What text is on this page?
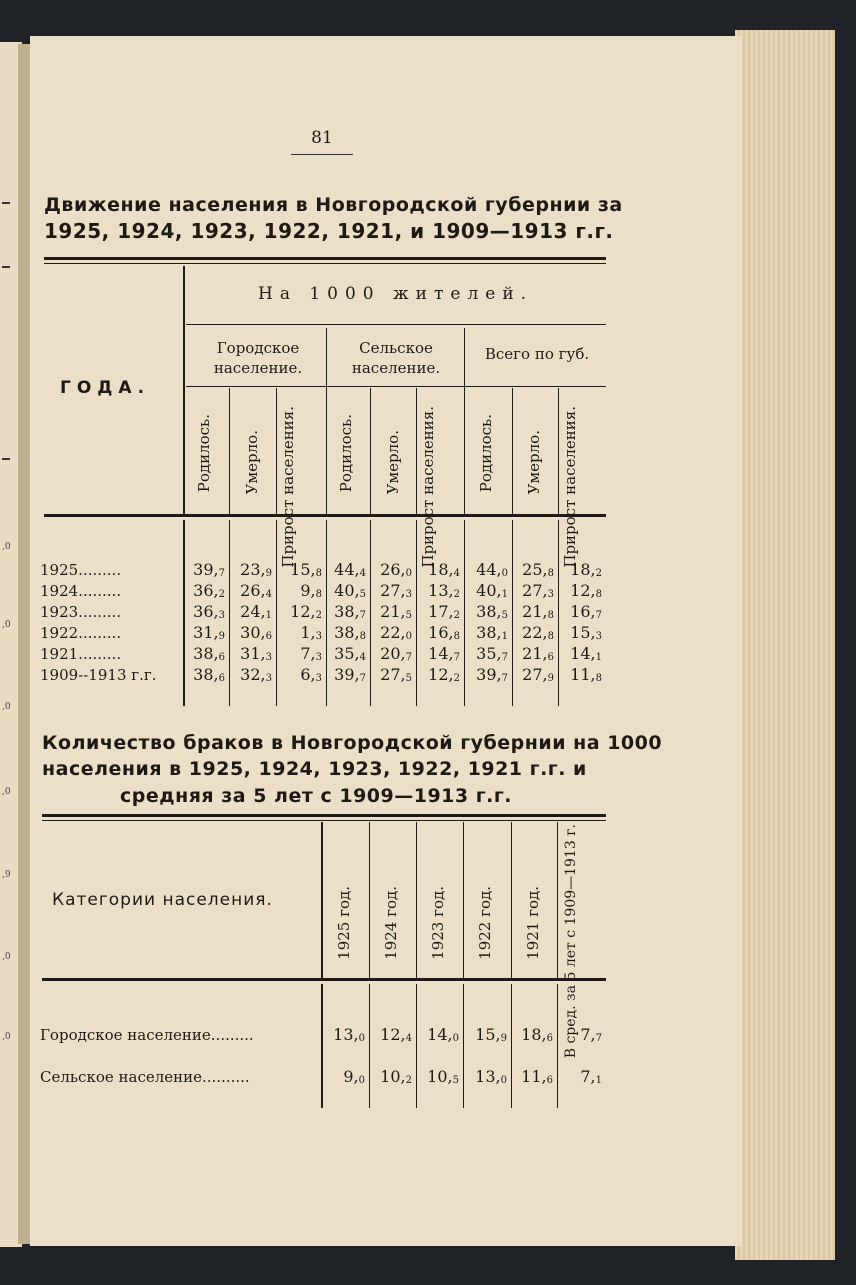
,0
,0
,0
,0
,9
,0
,0
81
Движение населения в Новгородской губернии за
1925, 1924, 1923, 1922, 1921, и 1909—1913 г.г.
На 1000 жителей.
ГОДА.
Городское население.
Сельское население.
Всего по губ.
Родилось. Умерло. Прирост населения.	Родилось. Умерло. Прирост населения.	Родилось. Умерло. Прирост населения.
1925.........	39,7 23,9	15,8 44,4 26,0	18,4	44,0 25,8	18,2
1924.........	36,2 26,4	9,8 40,5 27,3	13,2	40,1 27,3	12,8
1923.........	36,3 24,1	12,2 38,7 21,5	17,2	38,5 21,8	16,7
1922.........	31,9 30,6	1,3 38,8 22,0	16,8	38,1 22,8	15,3
1921.........	38,6 31,3	7,3 35,4 20,7	14,7	35,7 21,6	14,1
1909--1913 г.г.	38,6 32,3	6,3 39,7 27,5	12,2	39,7 27,9	11,8
Количество браков в Новгородской губернии на 1000
населения в 1925, 1924, 1923, 1922, 1921 г.г. и
средняя за 5 лет с 1909—1913 г.г.
Категории населения.	1925 год. 1924 год. 1923 год. 1922 год. 1921 год. В сред. за 5 лет с 1909—1913 г.
Городское население.........	13,0 12,4 14,0	15,9 18,6	7,7
Сельское население..........	9,0 10,2 10,5	13,0 11,6	7,1
